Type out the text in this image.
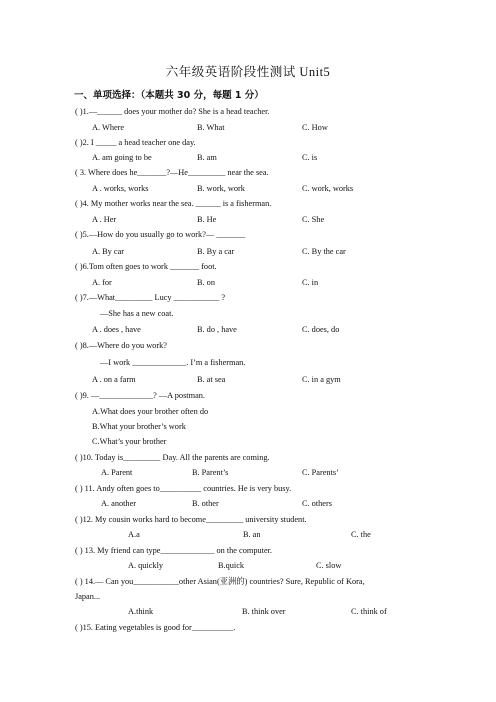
六年级英语阶段性测试 Unit5
一、单项选择：（本题共 30 分，每题 1 分）
( )1.—______ does your mother do? She is a head teacher.
A. Where	B. What	C. How
( )2. I _____ a head teacher one day.
A. am going to be	B. am	C. is
( 3. Where does he_______?—He_________ near the sea.
A . works, works	B. work, work	C. work, works
( )4. My mother works near the sea. ______ is a fisherman.
A . Her	B. He	C. She
( )5.—How do you usually go to work?— _______
A. By car	B. By a car	C. By the car
( )6.Tom often goes to work _______ foot.
A. for	B. on	C. in
( )7.—What_________ Lucy ___________ ?
—She has a new coat.
A . does , have	B. do , have	C. does, do
( )8.—Where do you work?
—I work _____________. I’m a fisherman.
A . on a farm	B. at sea	C. in a gym
( )9. —_____________? —A postman.
A.What does your brother often do
B.What your brother’s work
C.What’s your brother
( )10. Today is_________ Day. All the parents are coming.
A. Parent	B. Parent’s	C. Parents’
( ) 11. Andy often goes to__________ countries. He is very busy.
A. another	B. other	C. others
( )12. My cousin works hard to become_________ university student.
A.a	B. an	C. the
( ) 13. My friend can type_____________ on the computer.
A. quickly	B.quick	C. slow
( ) 14.— Can you___________other Asian(亚洲的) countries? Sure, Republic of Kora,
Japan...
A.think	B. think over	C. think of
( )15. Eating vegetables is good for__________.
